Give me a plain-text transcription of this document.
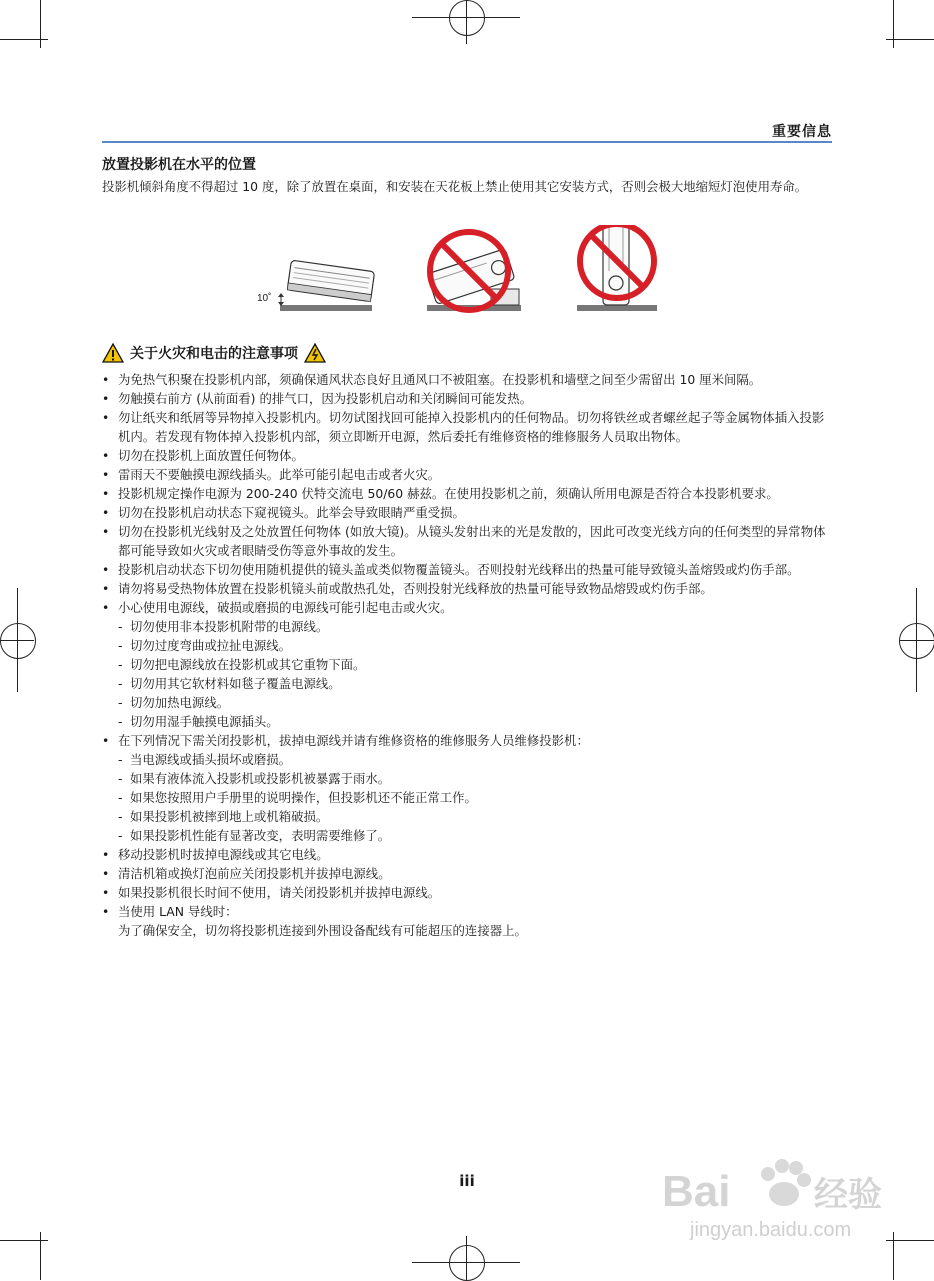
重要信息
放置投影机在水平的位置
投影机倾斜角度不得超过 10 度，除了放置在桌面，和安装在天花板上禁止使用其它安装方式，否则会极大地缩短灯泡使用寿命。
10˚
关于火灾和电击的注意事项
• 为免热气积聚在投影机内部，须确保通风状态良好且通风口不被阻塞。在投影机和墙壁之间至少需留出 10 厘米间隔。
• 勿触摸右前方 (从前面看) 的排气口，因为投影机启动和关闭瞬间可能发热。
• 勿让纸夹和纸屑等异物掉入投影机内。切勿试图找回可能掉入投影机内的任何物品。切勿将铁丝或者螺丝起子等金属物体插入投影机内。若发现有物体掉入投影机内部，须立即断开电源，然后委托有维修资格的维修服务人员取出物体。
• 切勿在投影机上面放置任何物体。
• 雷雨天不要触摸电源线插头。此举可能引起电击或者火灾。
• 投影机规定操作电源为 200-240 伏特交流电 50/60 赫兹。在使用投影机之前，须确认所用电源是否符合本投影机要求。
• 切勿在投影机启动状态下窥视镜头。此举会导致眼睛严重受损。
• 切勿在投影机光线射及之处放置任何物体 (如放大镜)。从镜头发射出来的光是发散的，因此可改变光线方向的任何类型的异常物体都可能导致如火灾或者眼睛受伤等意外事故的发生。
• 投影机启动状态下切勿使用随机提供的镜头盖或类似物覆盖镜头。否则投射光线释出的热量可能导致镜头盖熔毁或灼伤手部。
• 请勿将易受热物体放置在投影机镜头前或散热孔处，否则投射光线释放的热量可能导致物品熔毁或灼伤手部。
• 小心使用电源线，破损或磨损的电源线可能引起电击或火灾。
- 切勿使用非本投影机附带的电源线。
- 切勿过度弯曲或拉扯电源线。
- 切勿把电源线放在投影机或其它重物下面。
- 切勿用其它软材料如毯子覆盖电源线。
- 切勿加热电源线。
- 切勿用湿手触摸电源插头。
• 在下列情况下需关闭投影机，拔掉电源线并请有维修资格的维修服务人员维修投影机：
- 当电源线或插头损坏或磨损。
- 如果有液体流入投影机或投影机被暴露于雨水。
- 如果您按照用户手册里的说明操作，但投影机还不能正常工作。
- 如果投影机被摔到地上或机箱破损。
- 如果投影机性能有显著改变，表明需要维修了。
• 移动投影机时拔掉电源线或其它电线。
• 清洁机箱或换灯泡前应关闭投影机并拔掉电源线。
• 如果投影机很长时间不使用，请关闭投影机并拔掉电源线。
• 当使用 LAN 导线时：
为了确保安全，切勿将投影机连接到外围设备配线有可能超压的连接器上。
iii	Bai 经验
jingyan.baidu.com
